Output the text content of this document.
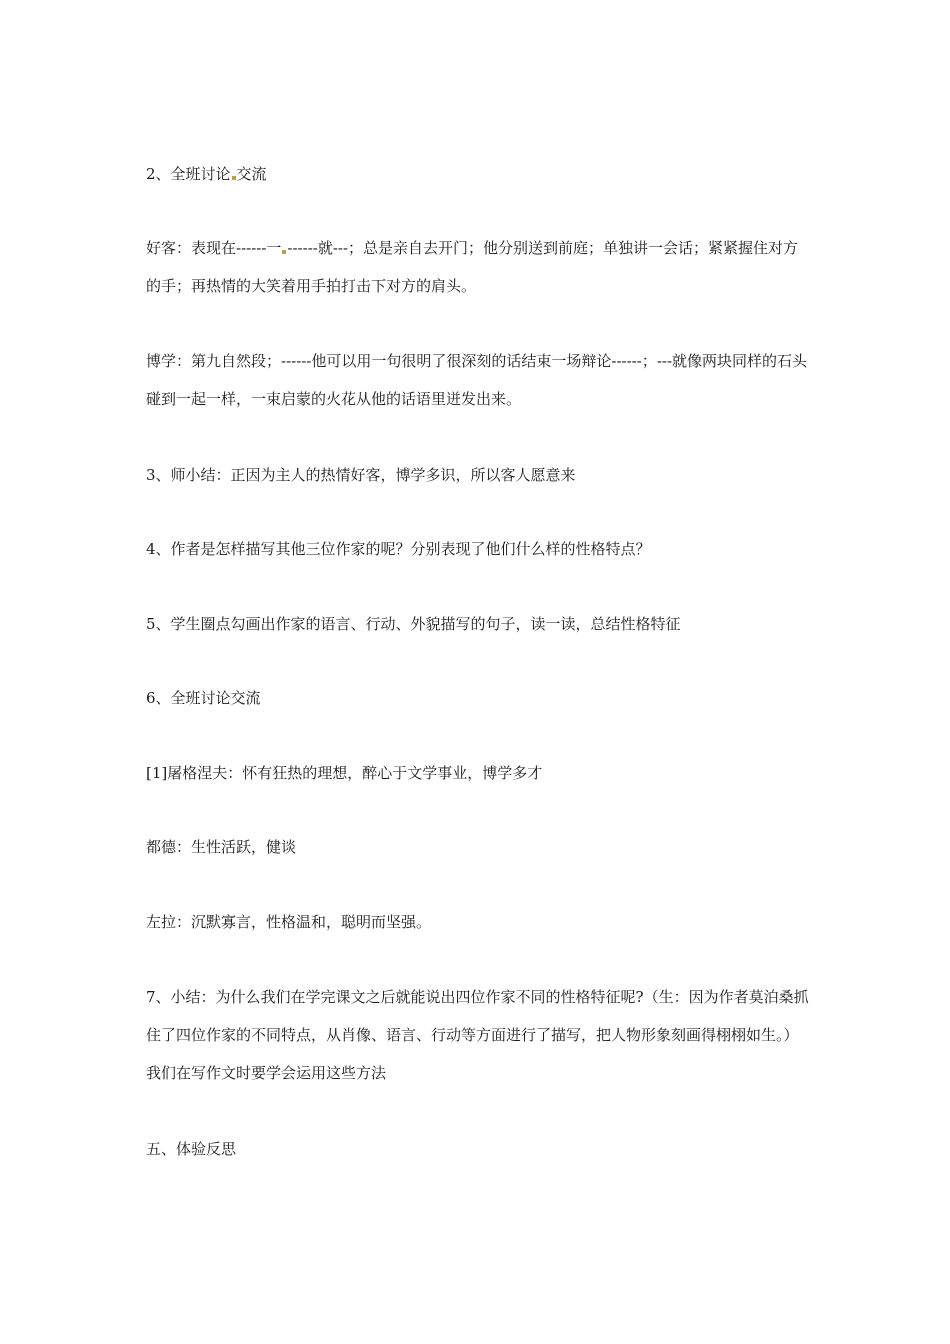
2、全班讨论 交流

好客：表现在------一 ------就---；总是亲自去开门；他分别送到前庭；单独讲一会话；紧紧握住对方的手；再热情的大笑着用手拍打击下对方的肩头。

博学：第九自然段；------他可以用一句很明了很深刻的话结束一场辩论------；---就像两块同样的石头碰到一起一样，一束启蒙的火花从他的话语里迸发出来。

3、师小结：正因为主人的热情好客，博学多识，所以客人愿意来

4、作者是怎样描写其他三位作家的呢？分别表现了他们什么样的性格特点？

5、学生圈点勾画出作家的语言、行动、外貌描写的句子，读一读，总结性格特征

6、全班讨论交流

[1]屠格涅夫：怀有狂热的理想，醉心于文学事业，博学多才

都德：生性活跃，健谈

左拉：沉默寡言，性格温和，聪明而坚强。

7、小结：为什么我们在学完课文之后就能说出四位作家不同的性格特征呢?（生：因为作者莫泊桑抓住了四位作家的不同特点，从肖像、语言、行动等方面进行了描写，把人物形象刻画得栩栩如生。）我们在写作文时要学会运用这些方法

五、体验反思
